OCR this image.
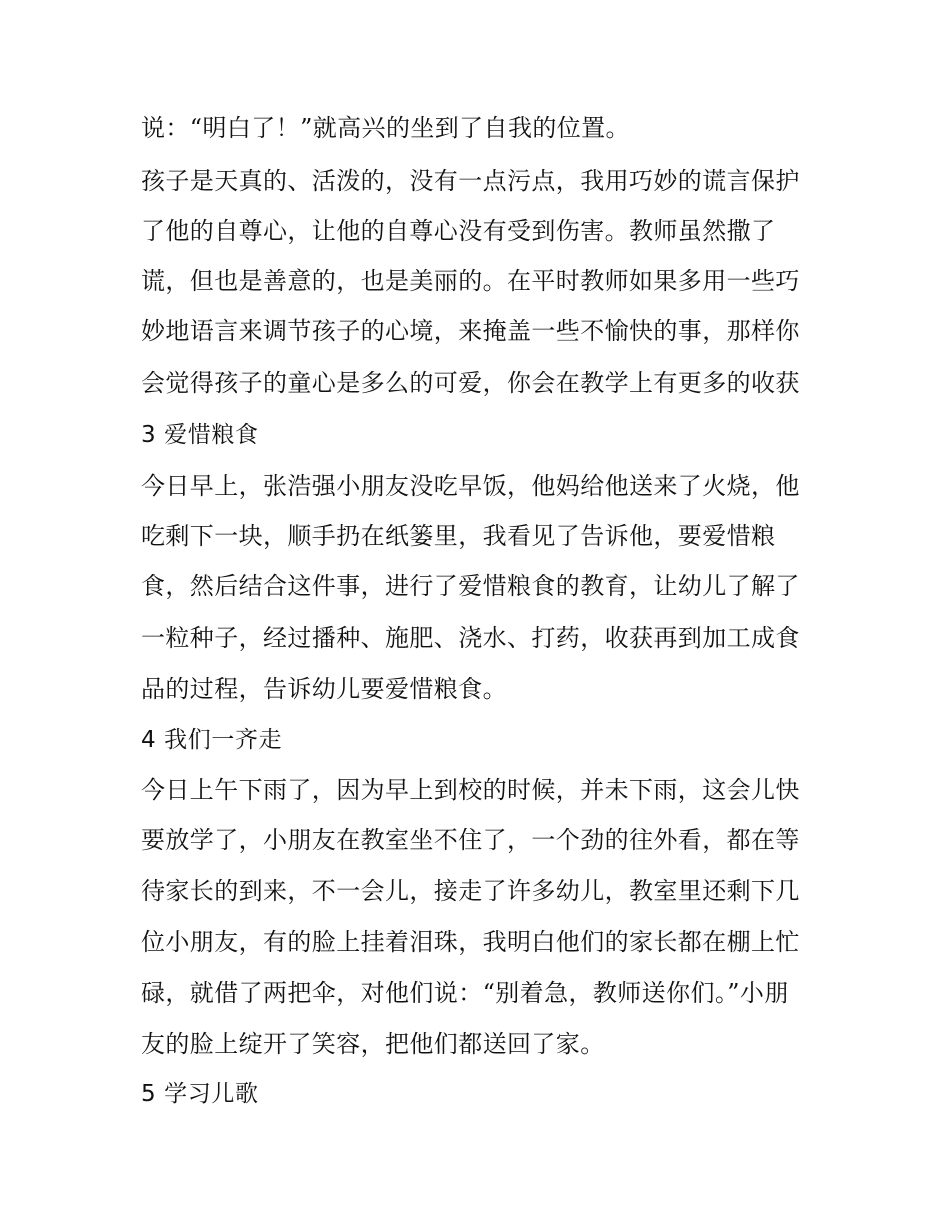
说：“明白了！”就高兴的坐到了自我的位置。
孩子是天真的、活泼的，没有一点污点，我用巧妙的谎言保护
了他的自尊心，让他的自尊心没有受到伤害。教师虽然撒了
谎，但也是善意的，也是美丽的。在平时教师如果多用一些巧
妙地语言来调节孩子的心境，来掩盖一些不愉快的事，那样你
会觉得孩子的童心是多么的可爱，你会在教学上有更多的收获
3 爱惜粮食
今日早上，张浩强小朋友没吃早饭，他妈给他送来了火烧，他
吃剩下一块，顺手扔在纸篓里，我看见了告诉他，要爱惜粮
食，然后结合这件事，进行了爱惜粮食的教育，让幼儿了解了
一粒种子，经过播种、施肥、浇水、打药，收获再到加工成食
品的过程，告诉幼儿要爱惜粮食。
4 我们一齐走
今日上午下雨了，因为早上到校的时候，并未下雨，这会儿快
要放学了，小朋友在教室坐不住了，一个劲的往外看，都在等
待家长的到来，不一会儿，接走了许多幼儿，教室里还剩下几
位小朋友，有的脸上挂着泪珠，我明白他们的家长都在棚上忙
碌，就借了两把伞，对他们说：“别着急，教师送你们。”小朋
友的脸上绽开了笑容，把他们都送回了家。
5 学习儿歌
